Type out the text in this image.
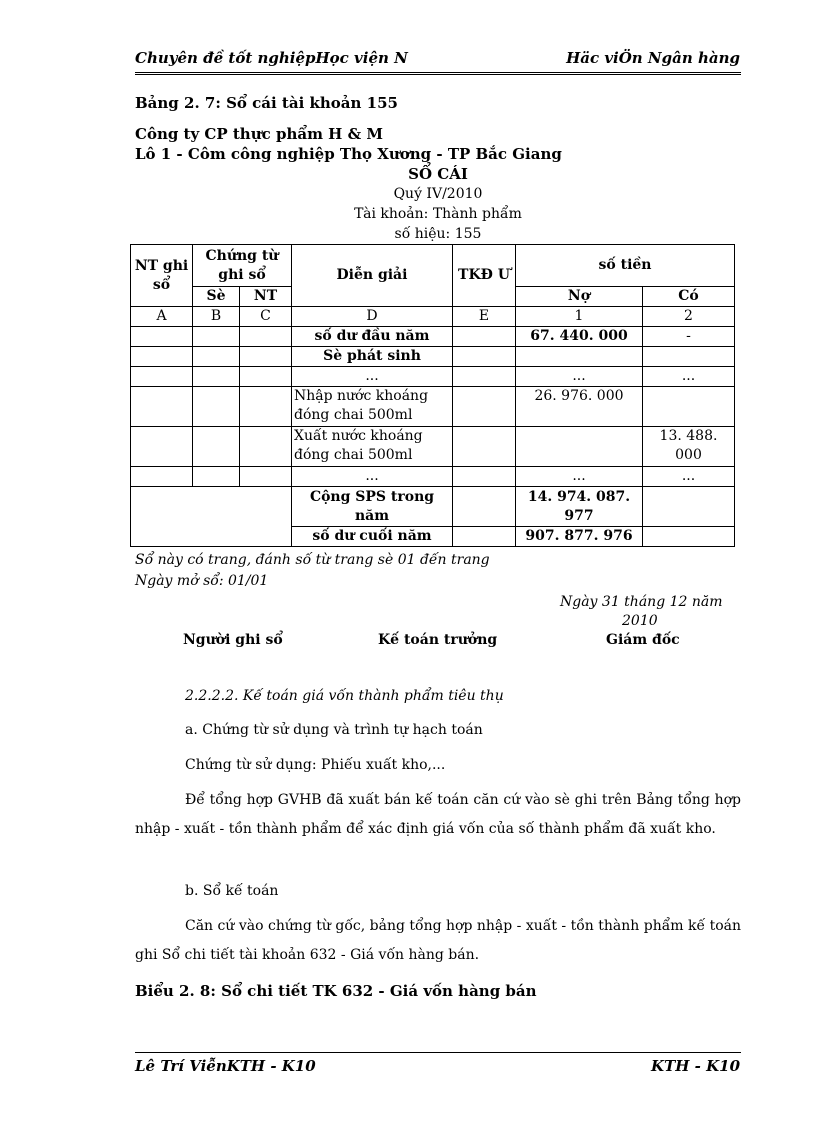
Chuyên đề tốt nghiệpHọc viện N	Häc viÖn Ngân hàng
Bảng 2. 7: Sổ cái tài khoản 155
Công ty CP thực phẩm H & M
Lô 1 - Côm công nghiệp Thọ Xương - TP Bắc Giang
SỔ CÁI
Quý IV/2010
Tài khoản: Thành phẩm
số hiệu: 155
NT ghi sổ	Chứng từ ghi sổ		Diễn giải	TKĐ Ư	số tiền	
	Sè	NT			Nợ	Có
A	B	C	D	E	1	2
			số dư đầu năm		67. 440. 000	-
			Sè phát sinh			
			...		...	...
			Nhập nước khoáng đóng chai 500ml		26. 976. 000	
			Xuất nước khoáng đóng chai 500ml			13. 488. 000
			...		...	...
			Cộng SPS trong năm		14. 974. 087. 977	
			số dư cuối năm		907. 877. 976	
Sổ này có trang, đánh số từ trang sè 01 đến trang
Ngày mở sổ: 01/01
Ngày 31 tháng 12 năm
2010
Người ghi sổ	Kế toán trưởng	Giám đốc
2.2.2.2. Kế toán giá vốn thành phẩm tiêu thụ
a. Chứng từ sử dụng và trình tự hạch toán
Chứng từ sử dụng: Phiếu xuất kho,...

Để tổng hợp GVHB đã xuất bán kế toán căn cứ vào sè ghi trên Bảng tổng hợp nhập - xuất - tồn thành phẩm để xác định giá vốn của số thành phẩm đã xuất kho.

b. Sổ kế toán

Căn cứ vào chứng từ gốc, bảng tổng hợp nhập - xuất - tồn thành phẩm kế toán ghi Sổ chi tiết tài khoản 632 - Giá vốn hàng bán.

Biểu 2. 8: Sổ chi tiết TK 632 - Giá vốn hàng bán
Lê Trí ViễnKTH - K10	KTH - K10
